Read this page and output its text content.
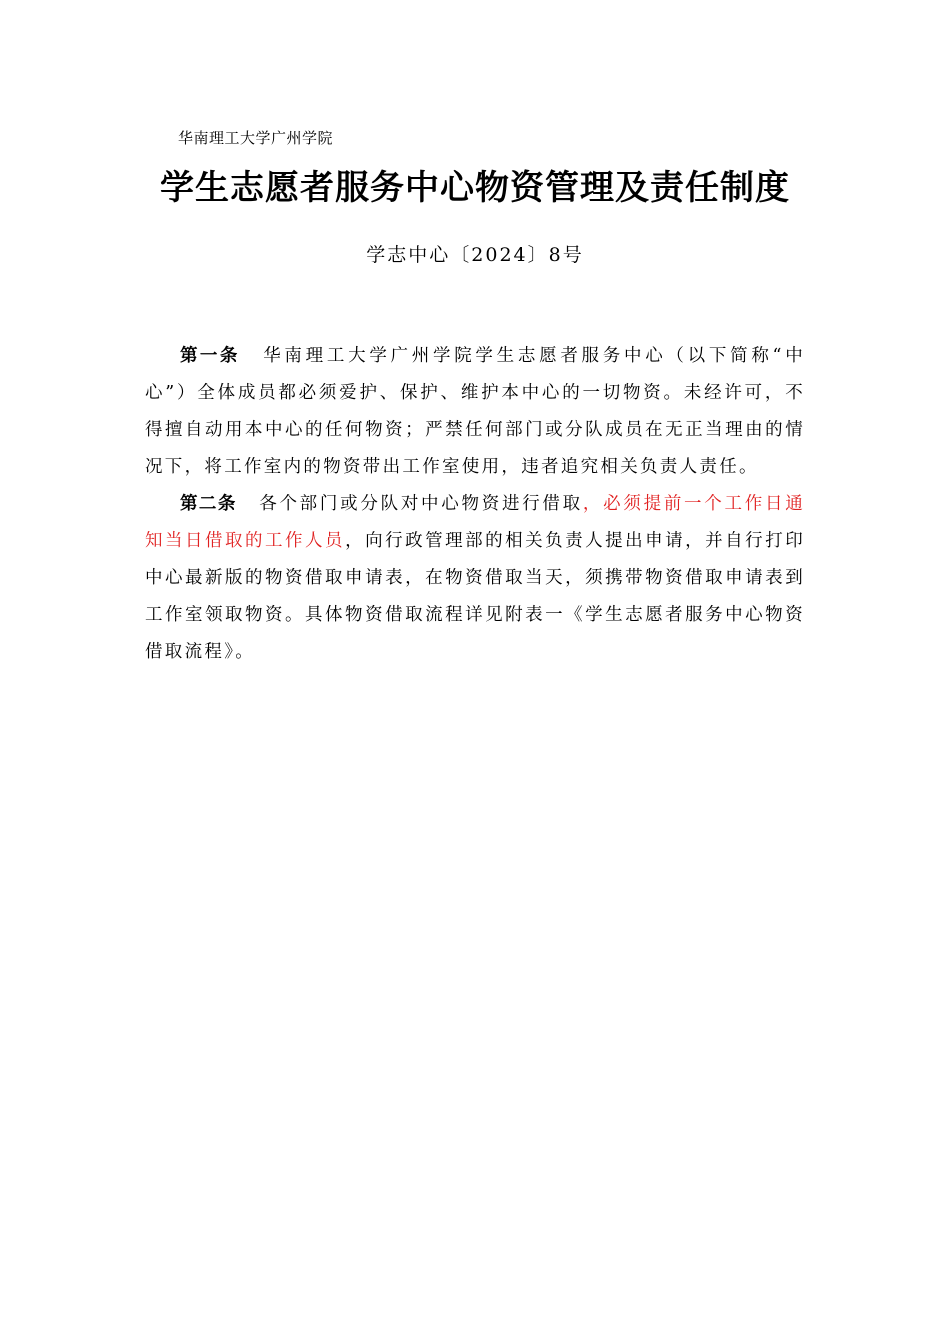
华南理工大学广州学院
学生志愿者服务中心物资管理及责任制度
学志中心〔2024〕8号

第一条 华南理工大学广州学院学生志愿者服务中心（以下简称“中心”）全体成员都必须爱护、保护、维护本中心的一切物资。未经许可，不得擅自动用本中心的任何物资；严禁任何部门或分队成员在无正当理由的情况下，将工作室内的物资带出工作室使用，违者追究相关负责人责任。

第二条 各个部门或分队对中心物资进行借取，必须提前一个工作日通知当日借取的工作人员，向行政管理部的相关负责人提出申请，并自行打印中心最新版的物资借取申请表，在物资借取当天，须携带物资借取申请表到工作室领取物资。具体物资借取流程详见附表一《学生志愿者服务中心物资借取流程》。
